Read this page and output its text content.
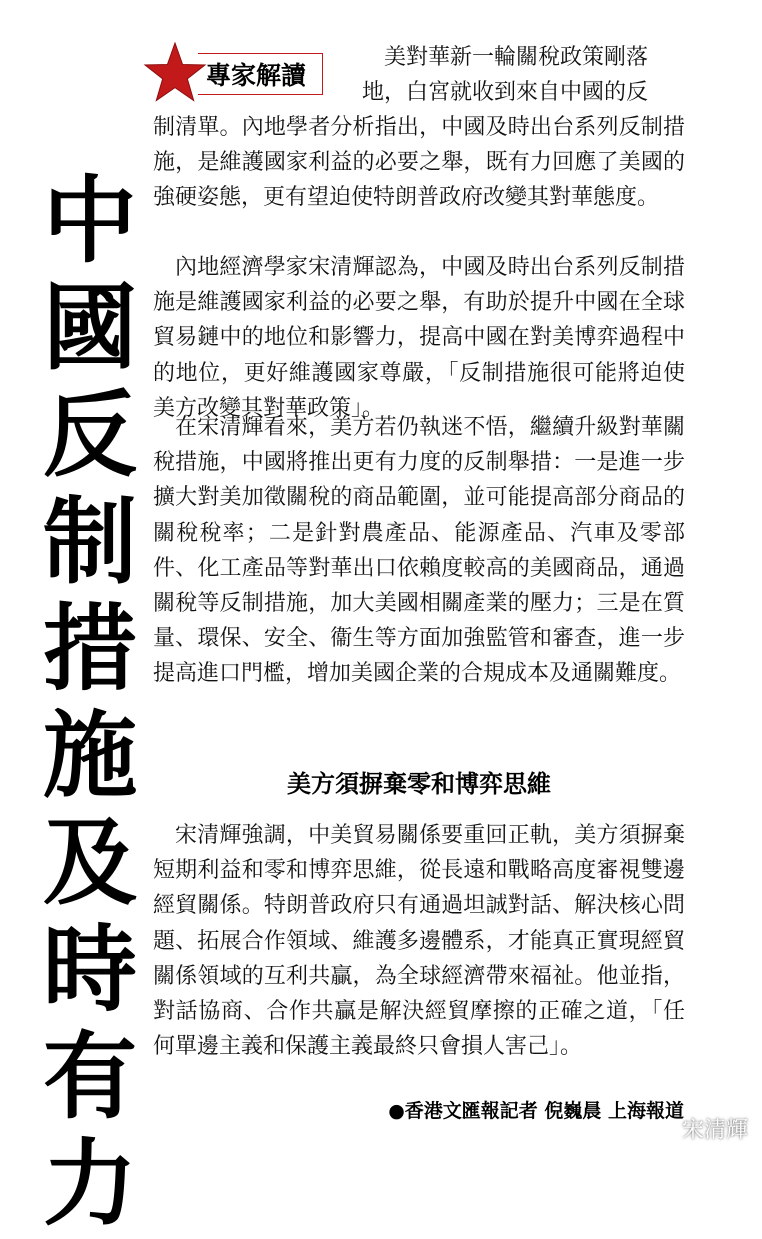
中
國
反
制
措
施
及
時
有
力
專家解讀

美對華新一輪關稅政策剛落

地，白宮就收到來自中國的反

制清單。內地學者分析指出，中國及時出台系列反制措施，是維護國家利益的必要之舉，既有力回應了美國的強硬姿態，更有望迫使特朗普政府改變其對華態度。

內地經濟學家宋清輝認為，中國及時出台系列反制措施是維護國家利益的必要之舉，有助於提升中國在全球貿易鏈中的地位和影響力，提高中國在對美博弈過程中的地位，更好維護國家尊嚴，「反制措施很可能將迫使美方改變其對華政策」。

在宋清輝看來，美方若仍執迷不悟，繼續升級對華關稅措施，中國將推出更有力度的反制舉措：一是進一步擴大對美加徵關稅的商品範圍，並可能提高部分商品的關稅稅率；二是針對農產品、能源產品、汽車及零部件、化工產品等對華出口依賴度較高的美國商品，通過關稅等反制措施，加大美國相關產業的壓力；三是在質量、環保、安全、衞生等方面加強監管和審查，進一步提高進口門檻，增加美國企業的合規成本及通關難度。

美方須摒棄零和博弈思維

宋清輝強調，中美貿易關係要重回正軌，美方須摒棄短期利益和零和博弈思維，從長遠和戰略高度審視雙邊經貿關係。特朗普政府只有通過坦誠對話、解決核心問題、拓展合作領域、維護多邊體系，才能真正實現經貿關係領域的互利共贏，為全球經濟帶來福祉。他並指，對話協商、合作共贏是解決經貿摩擦的正確之道，「任何單邊主義和保護主義最終只會損人害己」。

●香港文匯報記者 倪巍晨 上海報道
宋清輝
